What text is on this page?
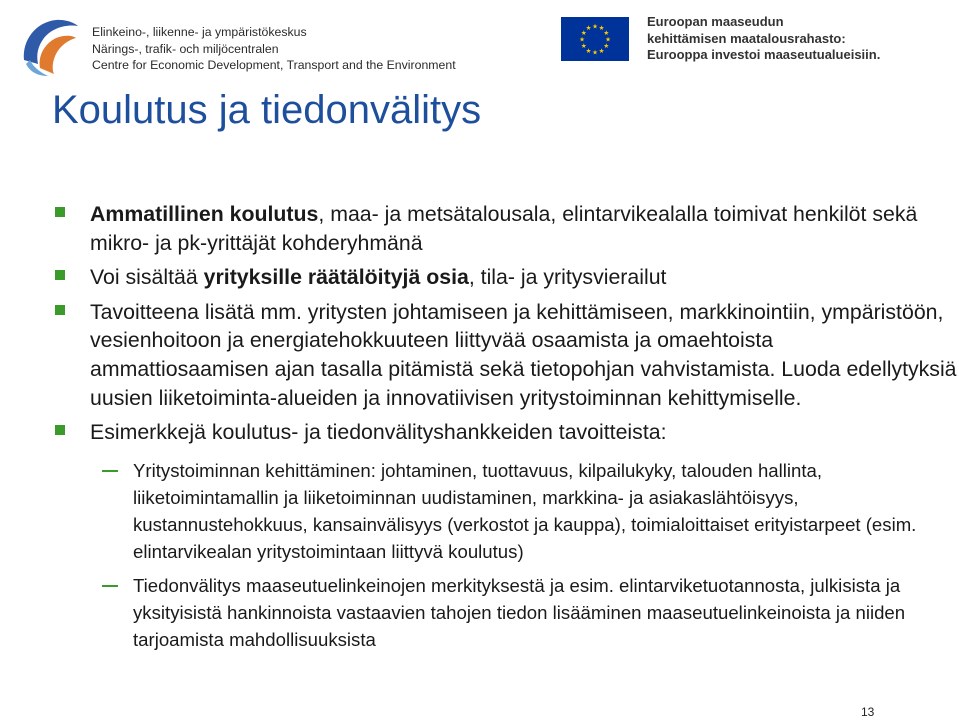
Elinkeino-, liikenne- ja ympäristökeskus
Närings-, trafik- och miljöcentralen
Centre for Economic Development, Transport and the Environment
★ ★
★
★
★
★
★
★
★
★
★
★	Euroopan maaseudun
kehittämisen maatalousrahasto:
Eurooppa investoi maaseutualueisiin.
Koulutus ja tiedonvälitys
Ammatillinen koulutus, maa- ja metsätalousala, elintarvikealalla toimivat henkilöt sekä mikro- ja pk-yrittäjät kohderyhmänä
Voi sisältää yrityksille räätälöityjä osia, tila- ja yritysvierailut
Tavoitteena lisätä mm. yritysten johtamiseen ja kehittämiseen, markkinointiin, ympäristöön, vesienhoitoon ja energiatehokkuuteen liittyvää osaamista ja omaehtoista ammattiosaamisen ajan tasalla pitämistä sekä tietopohjan vahvistamista. Luoda edellytyksiä uusien liiketoiminta-alueiden ja innovatiivisen yritystoiminnan kehittymiselle.
Esimerkkejä koulutus- ja tiedonvälityshankkeiden tavoitteista:
Yritystoiminnan kehittäminen: johtaminen, tuottavuus, kilpailukyky, talouden hallinta, liiketoimintamallin ja liiketoiminnan uudistaminen, markkina- ja asiakaslähtöisyys, kustannustehokkuus, kansainvälisyys (verkostot ja kauppa), toimialoittaiset erityistarpeet (esim. elintarvikealan yritystoimintaan liittyvä koulutus)
Tiedonvälitys maaseutuelinkeinojen merkityksestä ja esim. elintarviketuotannosta, julkisista ja yksityisistä hankinnoista vastaavien tahojen tiedon lisääminen maaseutuelinkeinoista ja niiden tarjoamista mahdollisuuksista
13
